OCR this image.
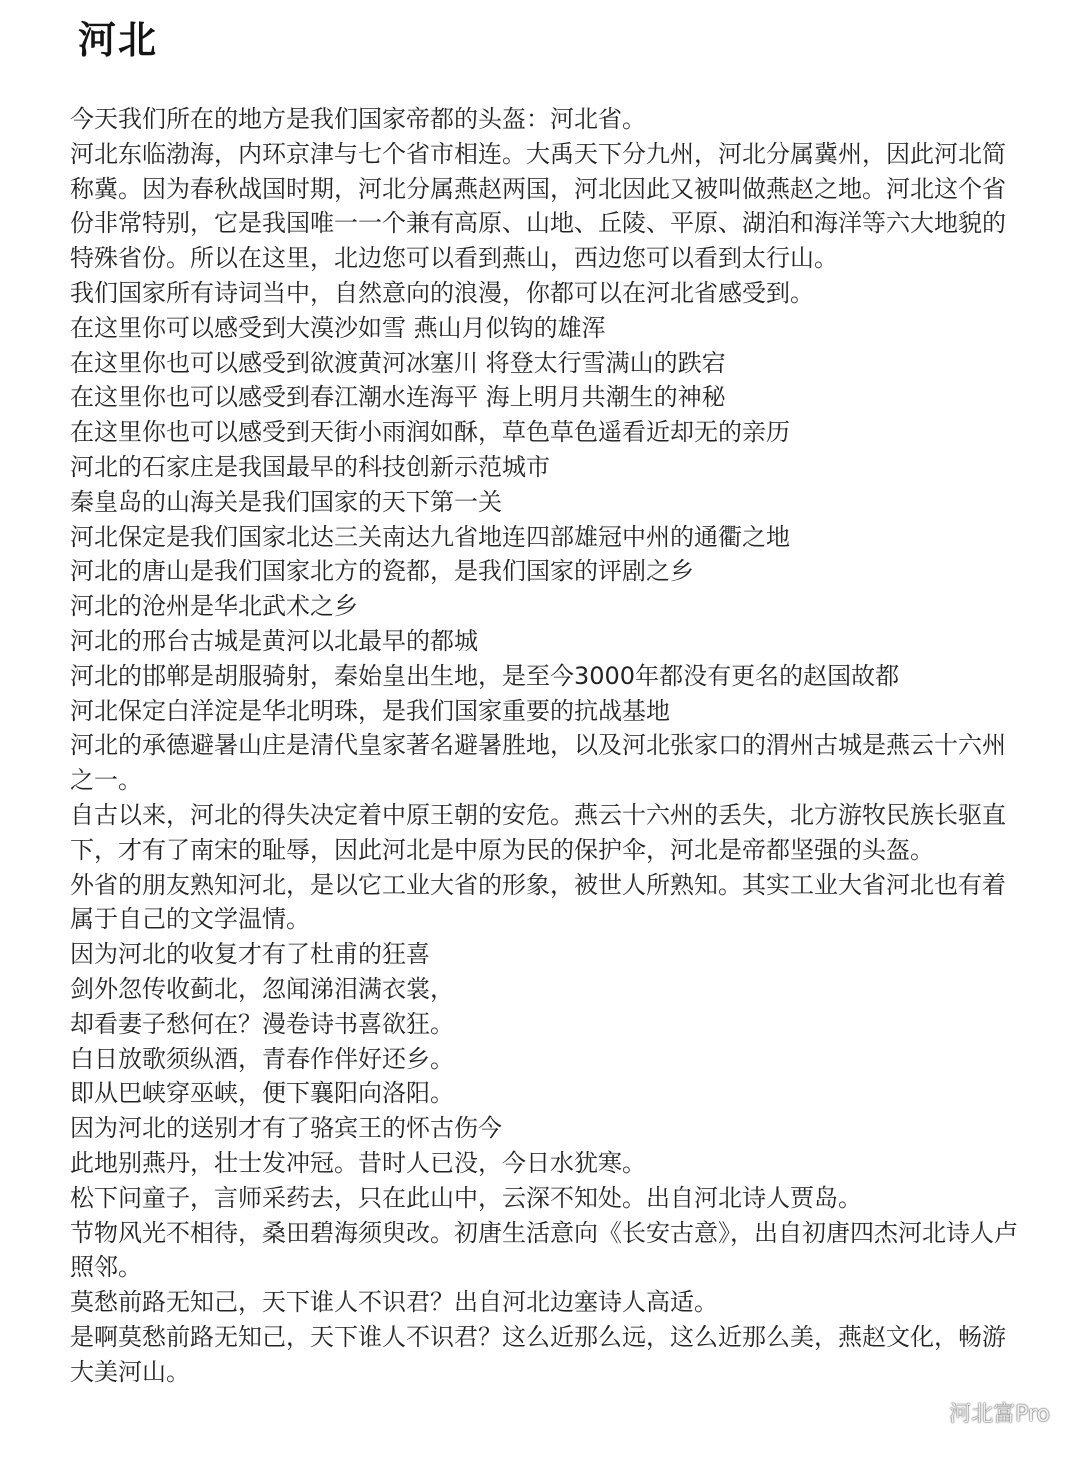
河北

今天我们所在的地方是我们国家帝都的头盔：河北省。

河北东临渤海，内环京津与七个省市相连。大禹天下分九州，河北分属冀州，因此河北简称冀。因为春秋战国时期，河北分属燕赵两国，河北因此又被叫做燕赵之地。河北这个省份非常特别，它是我国唯一一个兼有高原、山地、丘陵、平原、湖泊和海洋等六大地貌的特殊省份。所以在这里，北边您可以看到燕山，西边您可以看到太行山。

我们国家所有诗词当中，自然意向的浪漫，你都可以在河北省感受到。

在这里你可以感受到大漠沙如雪 燕山月似钩的雄浑

在这里你也可以感受到欲渡黄河冰塞川 将登太行雪满山的跌宕

在这里你也可以感受到春江潮水连海平 海上明月共潮生的神秘

在这里你也可以感受到天街小雨润如酥，草色草色遥看近却无的亲历

河北的石家庄是我国最早的科技创新示范城市

秦皇岛的山海关是我们国家的天下第一关

河北保定是我们国家北达三关南达九省地连四部雄冠中州的通衢之地

河北的唐山是我们国家北方的瓷都，是我们国家的评剧之乡

河北的沧州是华北武术之乡

河北的邢台古城是黄河以北最早的都城

河北的邯郸是胡服骑射，秦始皇出生地，是至今3000年都没有更名的赵国故都

河北保定白洋淀是华北明珠，是我们国家重要的抗战基地

河北的承德避暑山庄是清代皇家著名避暑胜地，以及河北张家口的渭州古城是燕云十六州之一。

自古以来，河北的得失决定着中原王朝的安危。燕云十六州的丢失，北方游牧民族长驱直下，才有了南宋的耻辱，因此河北是中原为民的保护伞，河北是帝都坚强的头盔。

外省的朋友熟知河北，是以它工业大省的形象，被世人所熟知。其实工业大省河北也有着属于自己的文学温情。

因为河北的收复才有了杜甫的狂喜

剑外忽传收蓟北，忽闻涕泪满衣裳，

却看妻子愁何在？漫卷诗书喜欲狂。

白日放歌须纵酒，青春作伴好还乡。

即从巴峡穿巫峡，便下襄阳向洛阳。

因为河北的送别才有了骆宾王的怀古伤今

此地别燕丹，壮士发冲冠。昔时人已没，今日水犹寒。

松下问童子，言师采药去，只在此山中，云深不知处。出自河北诗人贾岛。

节物风光不相待，桑田碧海须臾改。初唐生活意向《长安古意》，出自初唐四杰河北诗人卢照邻。

莫愁前路无知己，天下谁人不识君？出自河北边塞诗人高适。

是啊莫愁前路无知己，天下谁人不识君？这么近那么远，这么近那么美，燕赵文化，畅游大美河山。

河北富Pro
